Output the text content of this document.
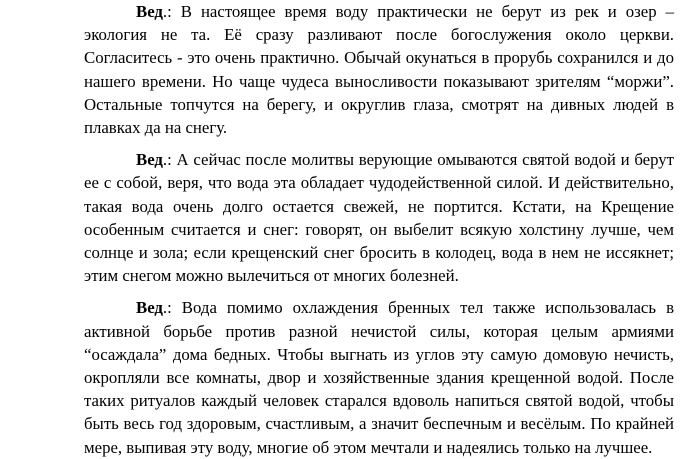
Вед.: В настоящее время воду практически не берут из рек и озер – экология не та. Её сразу разливают после богослужения около церкви. Согласитесь - это очень практично. Обычай окунаться в прорубь сохранился и до нашего времени. Но чаще чудеса выносливости показывают зрителям “моржи”. Остальные топчутся на берегу, и округлив глаза, смотрят на дивных людей в плавках да на снегу.

Вед.: А сейчас после молитвы верующие омываются святой водой и берут ее с собой, веря, что вода эта обладает чудодейственной силой. И действительно, такая вода очень долго остается свежей, не портится. Кстати, на Крещение особенным считается и снег: говорят, он выбелит всякую холстину лучше, чем солнце и зола; если крещенский снег бросить в колодец, вода в нем не иссякнет; этим снегом можно вылечиться от многих болезней.

Вед.: Вода помимо охлаждения бренных тел также использовалась в активной борьбе против разной нечистой силы, которая целым армиями “осаждала” дома бедных. Чтобы выгнать из углов эту самую домовую нечисть, окропляли все комнаты, двор и хозяйственные здания крещенной водой. После таких ритуалов каждый человек старался вдоволь напиться святой водой, чтобы быть весь год здоровым, счастливым, а значит беспечным и весёлым. По крайней мере, выпивая эту воду, многие об этом мечтали и надеялись только на лучшее.
